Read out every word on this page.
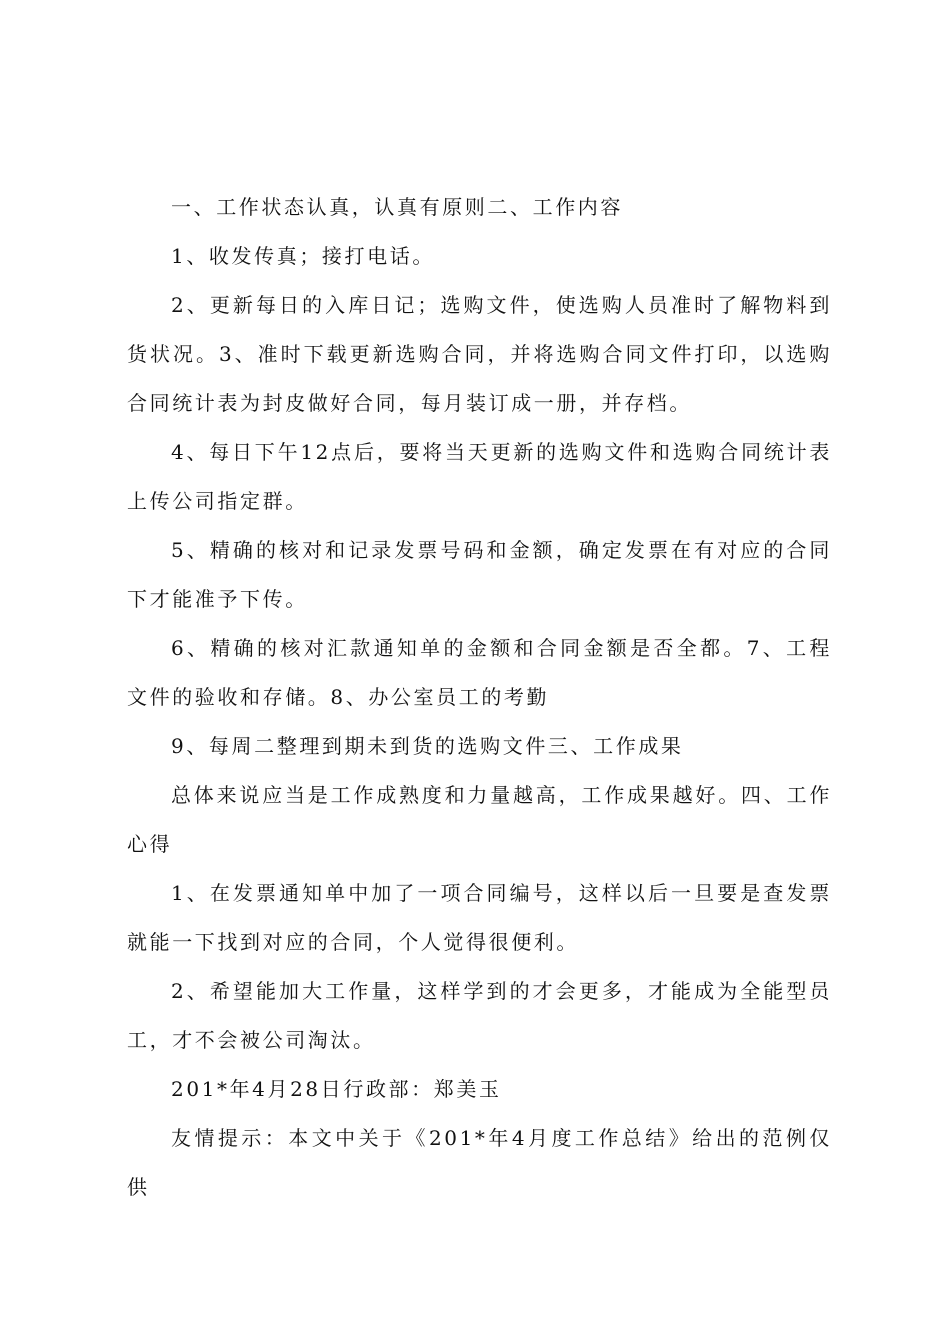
一、工作状态认真，认真有原则二、工作内容

1、收发传真；接打电话。

2、更新每日的入库日记；选购文件，使选购人员准时了解物料到货状况。3、准时下载更新选购合同，并将选购合同文件打印，以选购合同统计表为封皮做好合同，每月装订成一册，并存档。

4、每日下午12点后，要将当天更新的选购文件和选购合同统计表上传公司指定群。

5、精确的核对和记录发票号码和金额，确定发票在有对应的合同下才能准予下传。

6、精确的核对汇款通知单的金额和合同金额是否全都。7、工程文件的验收和存储。8、办公室员工的考勤

9、每周二整理到期未到货的选购文件三、工作成果

总体来说应当是工作成熟度和力量越高，工作成果越好。四、工作心得

1、在发票通知单中加了一项合同编号，这样以后一旦要是查发票就能一下找到对应的合同，个人觉得很便利。

2、希望能加大工作量，这样学到的才会更多，才能成为全能型员工，才不会被公司淘汰。

201*年4月28日行政部：郑美玉

友情提示：本文中关于《201*年4月度工作总结》给出的范例仅供
